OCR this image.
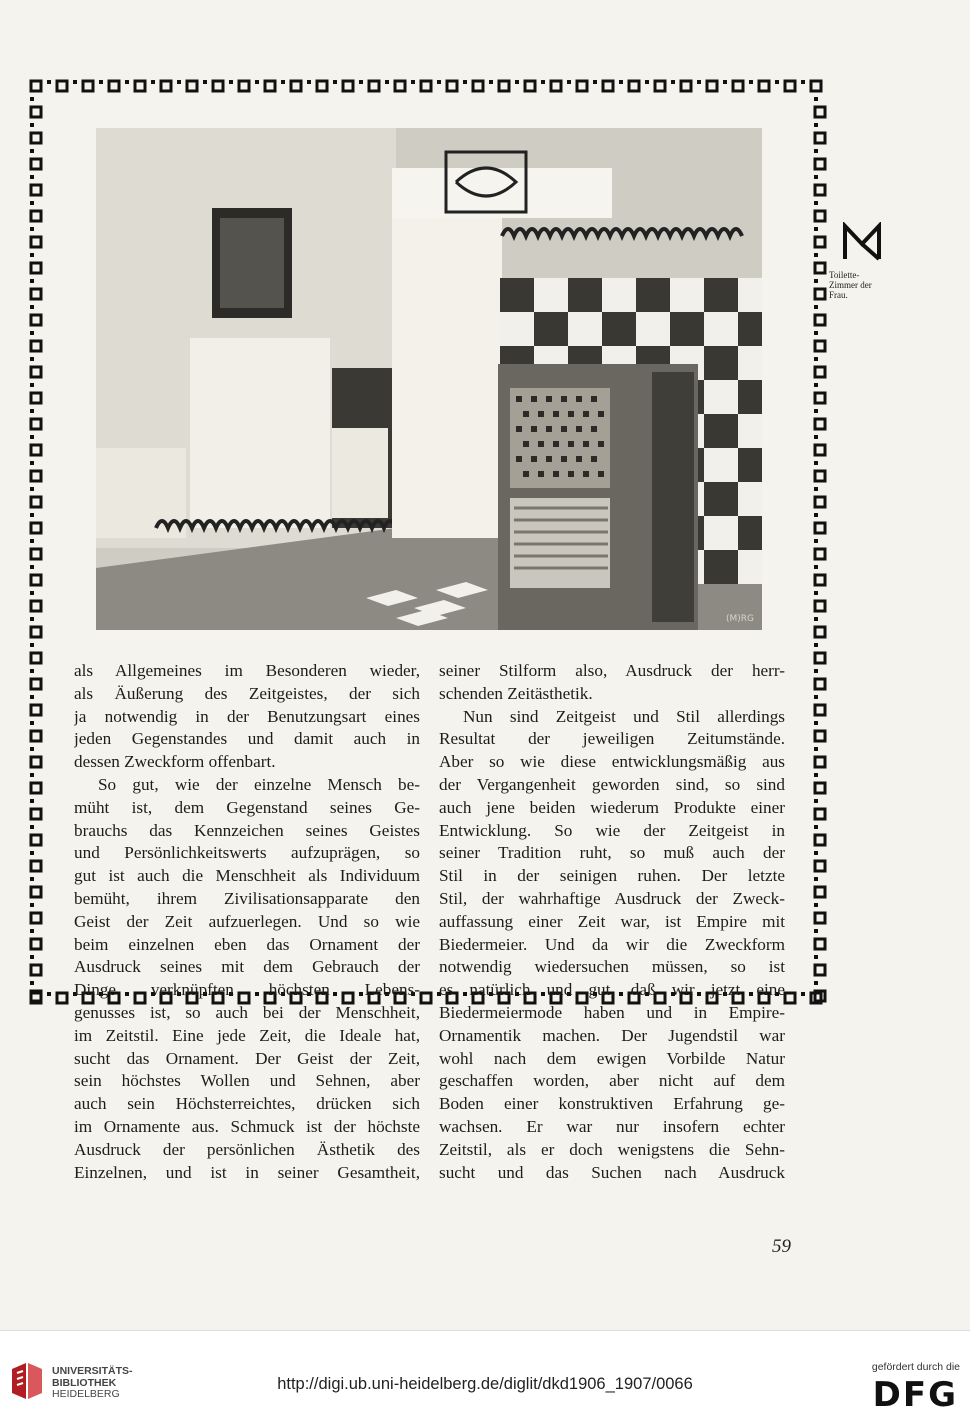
(M)RG
Toilette-
Zimmer der
Frau.
als Allgemeines im Besonderen wieder,
als Äußerung des Zeitgeistes, der sich
ja notwendig in der Benutzungsart eines
jeden Gegenstandes und damit auch in
dessen Zweckform offenbart.
So gut, wie der einzelne Mensch be-
müht ist, dem Gegenstand seines Ge-
brauchs das Kennzeichen seines Geistes
und Persönlichkeitswerts aufzuprägen, so
gut ist auch die Menschheit als Individuum
bemüht, ihrem Zivilisationsapparate den
Geist der Zeit aufzuerlegen. Und so wie
beim einzelnen eben das Ornament der
Ausdruck seines mit dem Gebrauch der
Dinge verknüpften höchsten Lebens-
genusses ist, so auch bei der Menschheit,
im Zeitstil. Eine jede Zeit, die Ideale hat,
sucht das Ornament. Der Geist der Zeit,
sein höchstes Wollen und Sehnen, aber
auch sein Höchsterreichtes, drücken sich
im Ornamente aus. Schmuck ist der höchste
Ausdruck der persönlichen Ästhetik des
Einzelnen, und ist in seiner Gesamtheit,
seiner Stilform also, Ausdruck der herr-
schenden Zeitästhetik.
Nun sind Zeitgeist und Stil allerdings
Resultat der jeweiligen Zeitumstände.
Aber so wie diese entwicklungsmäßig aus
der Vergangenheit geworden sind, so sind
auch jene beiden wiederum Produkte einer
Entwicklung. So wie der Zeitgeist in
seiner Tradition ruht, so muß auch der
Stil in der seinigen ruhen. Der letzte
Stil, der wahrhaftige Ausdruck der Zweck-
auffassung einer Zeit war, ist Empire mit
Biedermeier. Und da wir die Zweckform
notwendig wiedersuchen müssen, so ist
es natürlich und gut, daß wir jetzt eine
Biedermeiermode haben und in Empire-
Ornamentik machen. Der Jugendstil war
wohl nach dem ewigen Vorbilde Natur
geschaffen worden, aber nicht auf dem
Boden einer konstruktiven Erfahrung ge-
wachsen. Er war nur insofern echter
Zeitstil, als er doch wenigstens die Sehn-
sucht und das Suchen nach Ausdruck
59
UNIVERSITÄTS-
BIBLIOTHEK
HEIDELBERG
http://digi.ub.uni-heidelberg.de/diglit/dkd1906_1907/0066
gefördert durch die
DFG
